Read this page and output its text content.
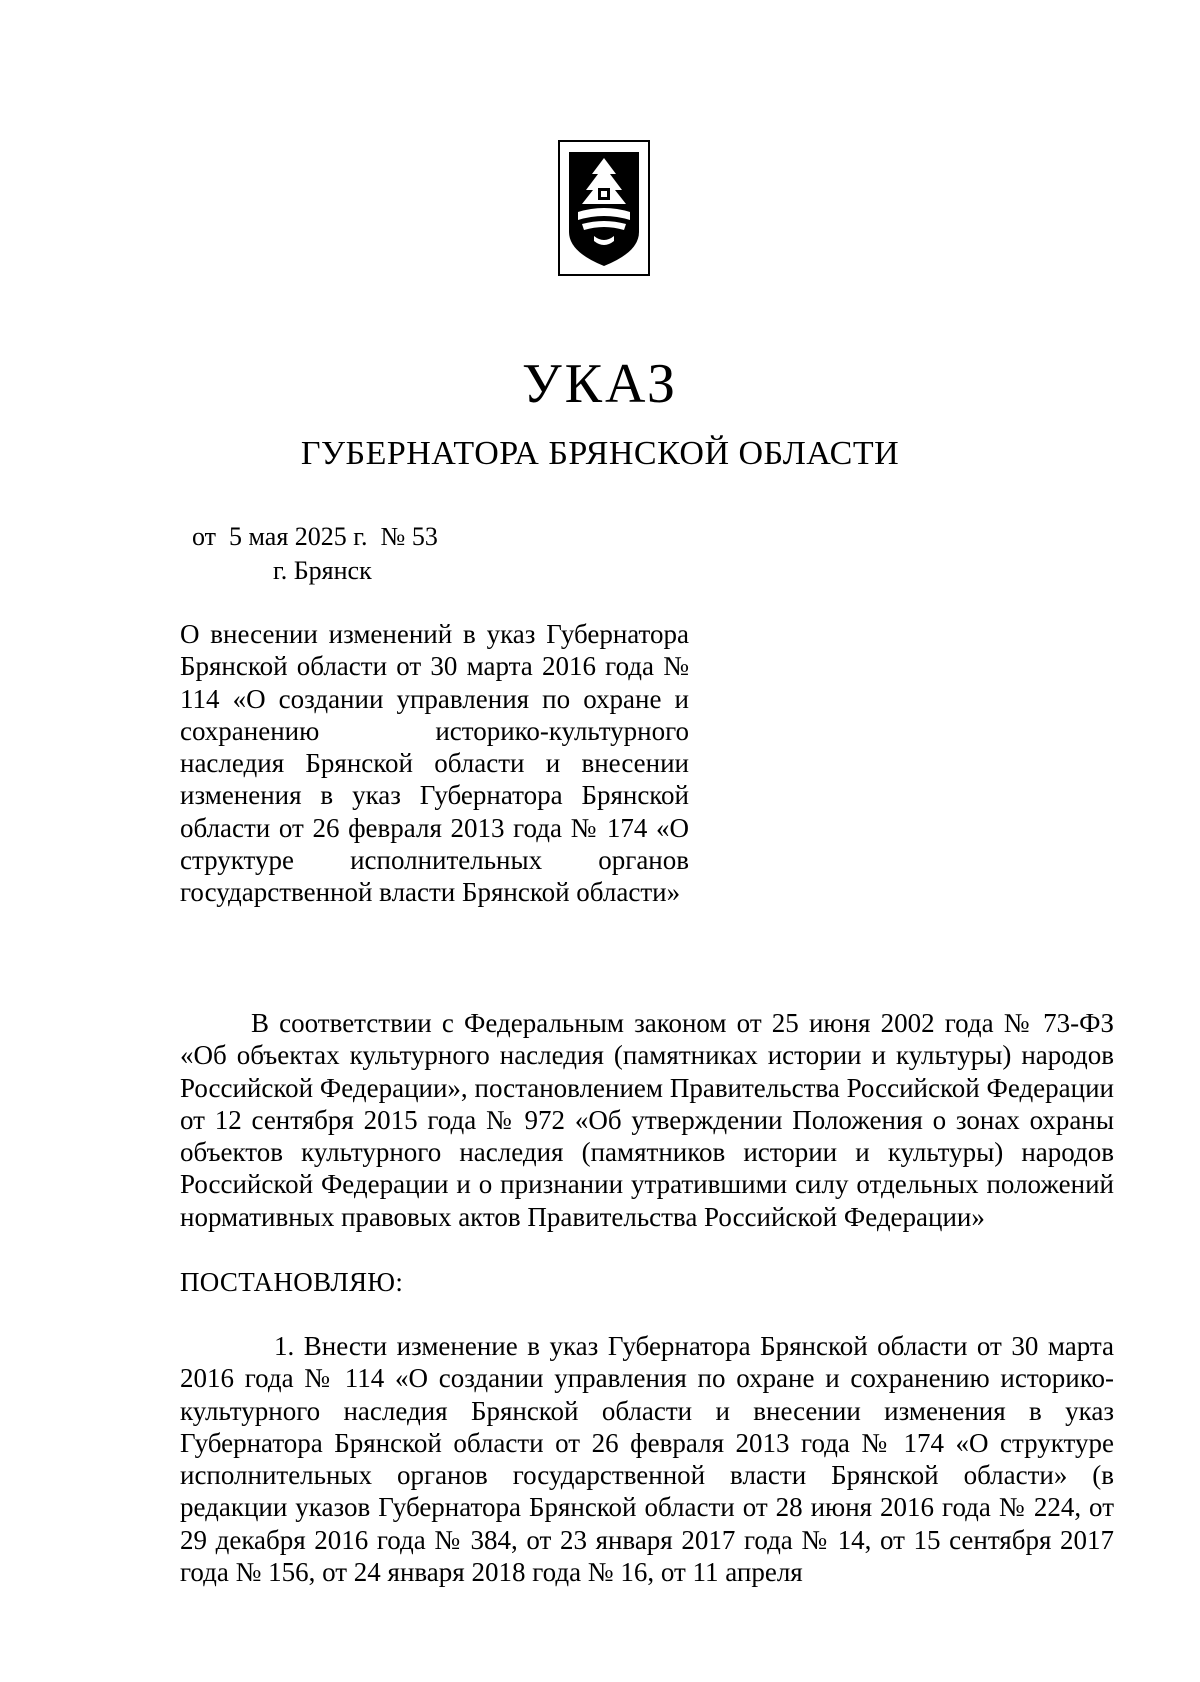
УКАЗ
ГУБЕРНАТОРА БРЯНСКОЙ ОБЛАСТИ
от  5 мая 2025 г.  № 53
г. Брянск
О внесении изменений в указ Губернатора Брянской области от 30 марта 2016 года № 114 «О создании управления по охране и сохранению историко-культурного наследия Брянской области и внесении изменения в указ Губернатора Брянской области от 26 февраля 2013 года № 174 «О структуре исполнительных органов государственной власти Брянской области»
В соответствии с Федеральным законом от 25 июня 2002 года № 73-ФЗ «Об объектах культурного наследия (памятниках истории и культуры) народов Российской Федерации», постановлением Правительства Российской Федерации от 12 сентября 2015 года № 972 «Об утверждении Положения о зонах охраны объектов культурного наследия (памятников истории и культуры) народов Российской Федерации и о признании утратившими силу отдельных положений нормативных правовых актов Правительства Российской Федерации»
ПОСТАНОВЛЯЮ:
1. Внести изменение в указ Губернатора Брянской области от 30 марта 2016 года № 114 «О создании управления по охране и сохранению историко-культурного наследия Брянской области и внесении изменения в указ Губернатора Брянской области от 26 февраля 2013 года № 174 «О структуре исполнительных органов государственной власти Брянской области» (в редакции указов Губернатора Брянской области от 28 июня 2016 года № 224, от 29 декабря 2016 года № 384, от 23 января 2017 года № 14, от 15 сентября 2017 года № 156, от 24 января 2018 года № 16, от 11 апреля
